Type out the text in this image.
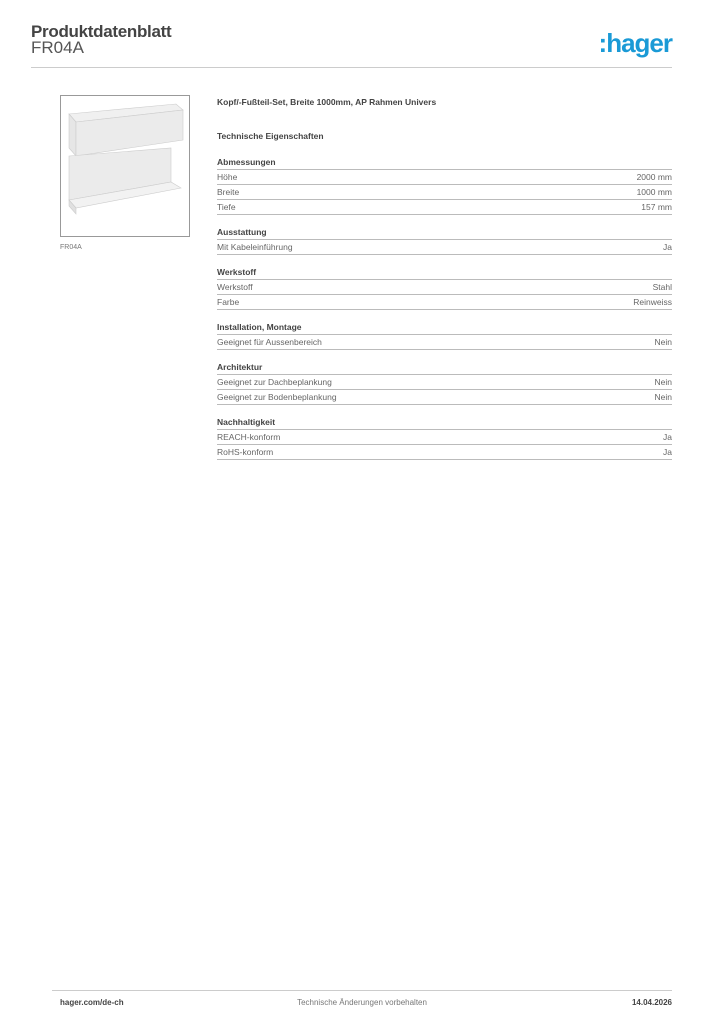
Produktdatenblatt
FR04A	:hager
FR04A
Kopf/-Fußteil-Set, Breite 1000mm, AP Rahmen Univers
Technische Eigenschaften
Abmessungen
Höhe	2000 mm
Breite	1000 mm
Tiefe	157 mm
Ausstattung
Mit Kabeleinführung	Ja
Werkstoff
Werkstoff	Stahl
Farbe	Reinweiss
Installation, Montage
Geeignet für Aussenbereich	Nein
Architektur
Geeignet zur Dachbeplankung	Nein
Geeignet zur Bodenbeplankung	Nein
Nachhaltigkeit
REACH-konform	Ja
RoHS-konform	Ja
hager.com/de-ch	Technische Änderungen vorbehalten	14.04.2026
